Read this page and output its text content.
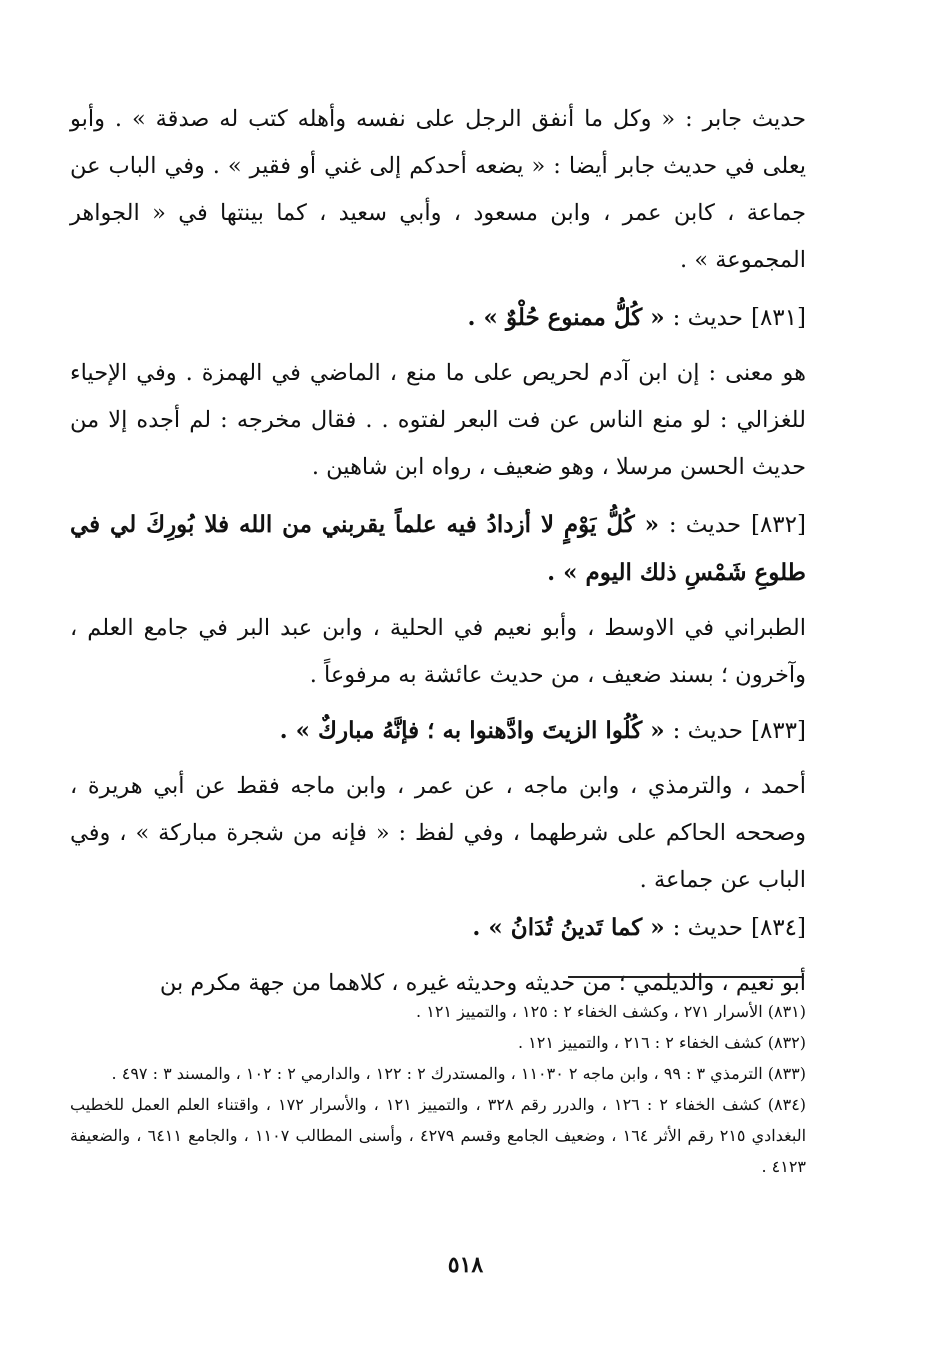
حديث جابر : « وكل ما أنفق الرجل على نفسه وأهله كتب له صدقة » . وأبو يعلى في حديث جابر أيضا : « يضعه أحدكم إلى غني أو فقير » . وفي الباب عن جماعة ، كابن عمر ، وابن مسعود ، وأبي سعيد ، كما بينتها في « الجواهر المجموعة » .

[٨٣١] حديث : « كُلُّ ممنوع حُلْوٌ » .

هو معنى : إن ابن آدم لحريص على ما منع ، الماضي في الهمزة . وفي الإحياء للغزالي : لو منع الناس عن فت البعر لفتوه . . فقال مخرجه : لم أجده إلا من حديث الحسن مرسلا ، وهو ضعيف ، رواه ابن شاهين .

[٨٣٢] حديث : « كُلُّ يَوْمٍ لا أزدادُ فيه علماً يقربني من الله فلا بُورِكَ لي في طلوعِ شَمْسِ ذلك اليوم » .

الطبراني في الاوسط ، وأبو نعيم في الحلية ، وابن عبد البر في جامع العلم ، وآخرون ؛ بسند ضعيف ، من حديث عائشة به مرفوعاً .

[٨٣٣] حديث : « كُلُوا الزيتَ وادَّهنوا به ؛ فإنَّهُ مباركٌ » .

أحمد ، والترمذي ، وابن ماجه ، عن عمر ، وابن ماجه فقط عن أبي هريرة ، وصححه الحاكم على شرطهما ، وفي لفظ : « فإنه من شجرة مباركة » ، وفي الباب عن جماعة .

[٨٣٤] حديث : « كما تَدينُ تُدَانُ » .

أبو نعيم ، والديلمي ؛ من حديثه وحديثه غيره ، كلاهما من جهة مكرم بن

(٨٣١) الأسرار ٢٧١ ، وكشف الخفاء ٢ : ١٢٥ ، والتمييز ١٢١ .

(٨٣٢) كشف الخفاء ٢ : ٢١٦ ، والتمييز ١٢١ .

(٨٣٣) الترمذي ٣ : ٩٩ ، وابن ماجه ٢ ١١٠٣٠ ، والمستدرك ٢ : ١٢٢ ، والدارمي ٢ : ١٠٢ ، والمسند ٣ : ٤٩٧ .

(٨٣٤) كشف الخفاء ٢ : ١٢٦ ، والدرر رقم ٣٢٨ ، والتمييز ١٢١ ، والأسرار ١٧٢ ، واقتناء العلم العمل للخطيب البغدادي ٢١٥ رقم الأثر ١٦٤ ، وضعيف الجامع وقسم ٤٢٧٩ ، وأسنى المطالب ١١٠٧ ، والجامع ٦٤١١ ، والضعيفة ٤١٢٣ .

٥١٨
